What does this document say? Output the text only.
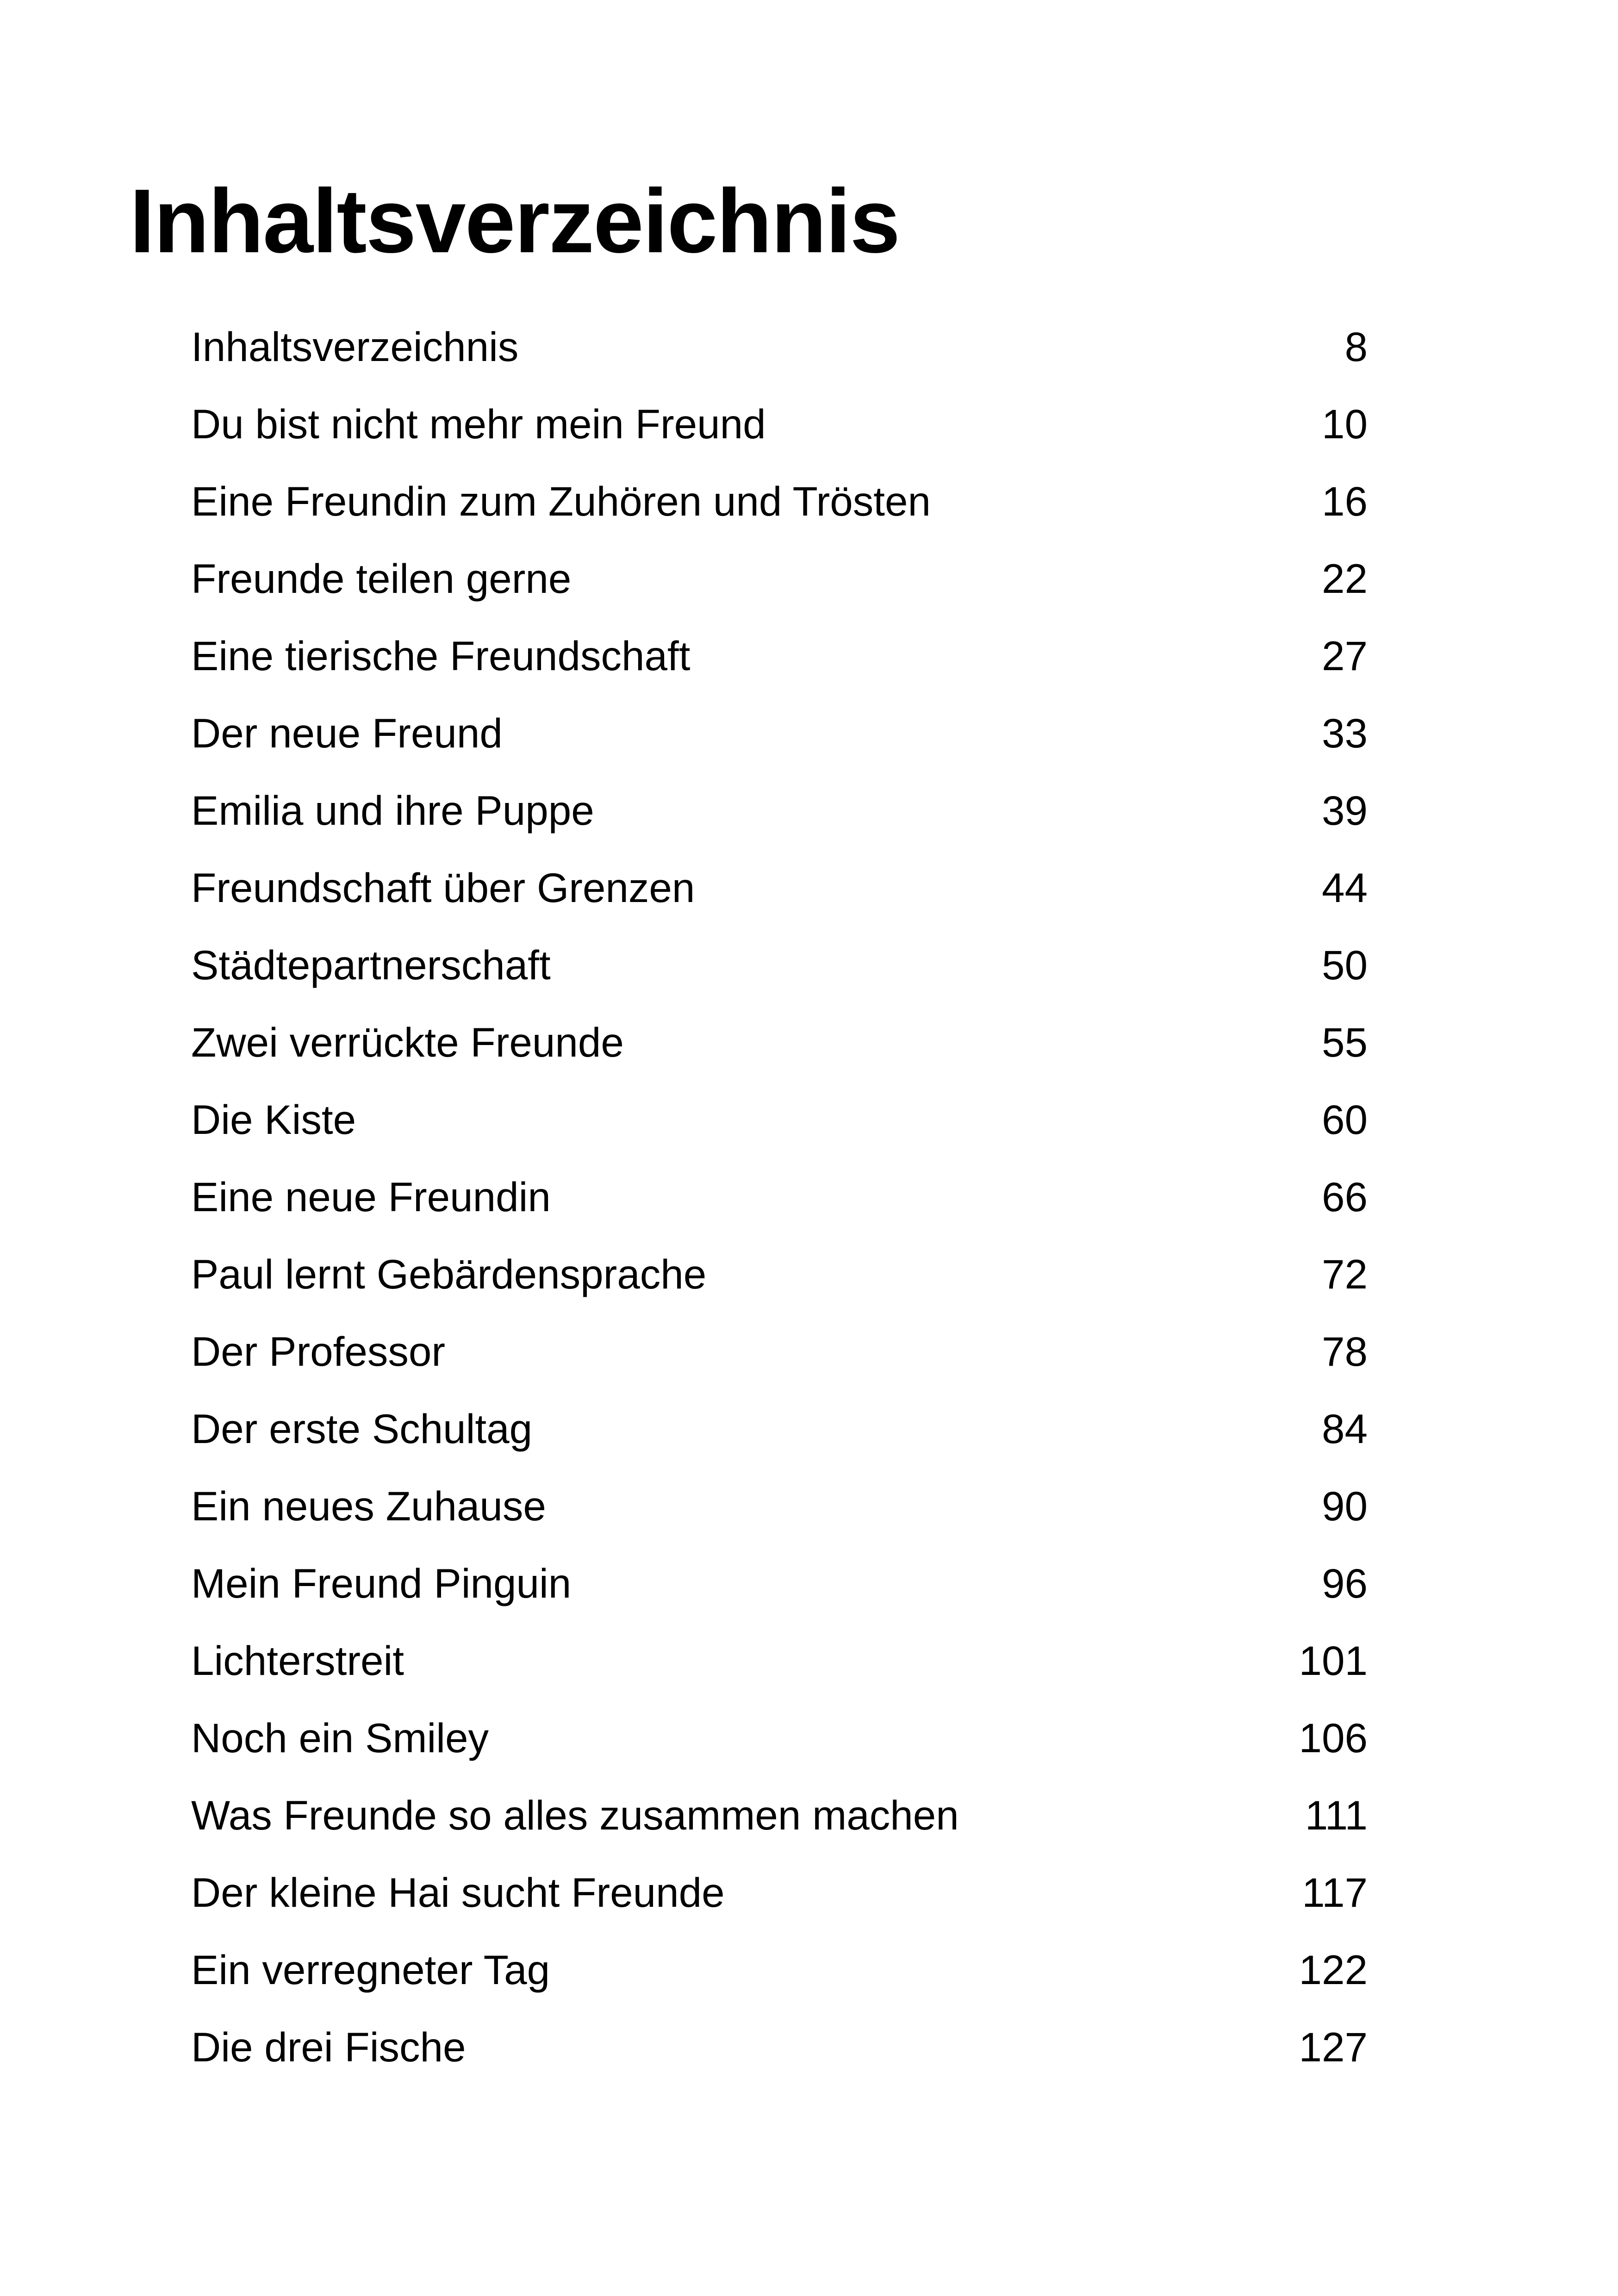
Inhaltsverzeichnis
Inhaltsverzeichnis	8
Du bist nicht mehr mein Freund	10
Eine Freundin zum Zuhören und Trösten	16
Freunde teilen gerne	22
Eine tierische Freundschaft	27
Der neue Freund	33
Emilia und ihre Puppe	39
Freundschaft über Grenzen	44
Städtepartnerschaft	50
Zwei verrückte Freunde	55
Die Kiste	60
Eine neue Freundin	66
Paul lernt Gebärdensprache	72
Der Professor	78
Der erste Schultag	84
Ein neues Zuhause	90
Mein Freund Pinguin	96
Lichterstreit	101
Noch ein Smiley	106
Was Freunde so alles zusammen machen	111
Der kleine Hai sucht Freunde	117
Ein verregneter Tag	122
Die drei Fische	127
